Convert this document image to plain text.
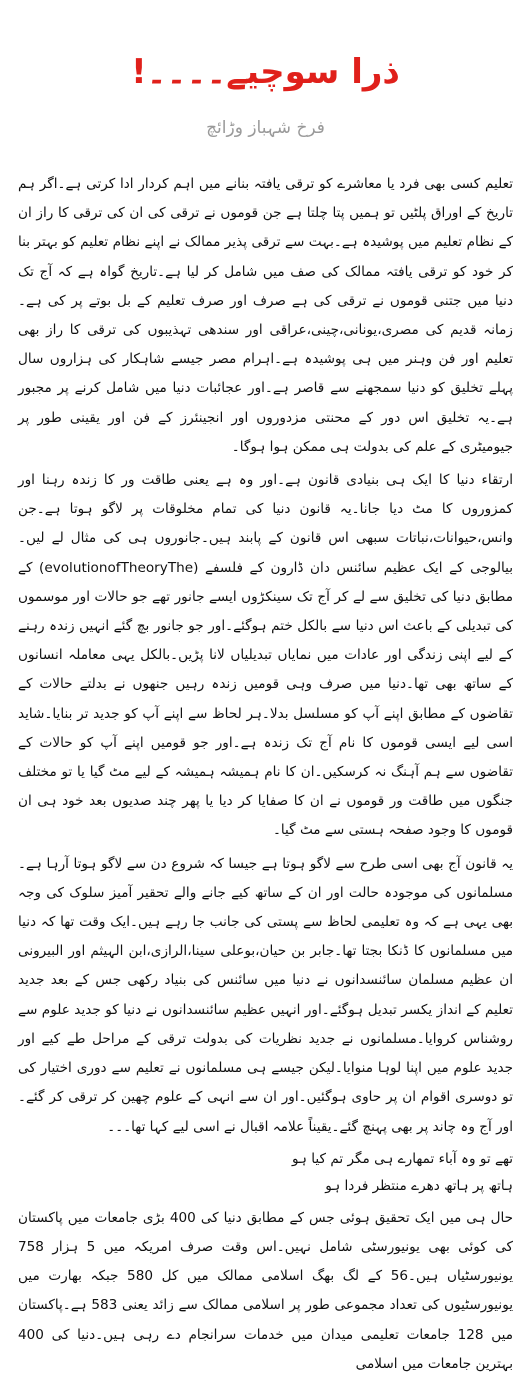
ذرا سوچیے۔۔۔۔!
فرخ شہباز وڑائچ

تعلیم کسی بھی فرد یا معاشرے کو ترقی یافتہ بنانے میں اہم کردار ادا کرتی ہے۔اگر ہم تاریخ کے اوراق پلٹیں تو ہمیں پتا چلتا ہے جن قوموں نے ترقی کی ان کی ترقی کا راز ان کے نظام تعلیم میں پوشیدہ ہے۔بہت سے ترقی پذیر ممالک نے اپنے نظام تعلیم کو بہتر بنا کر خود کو ترقی یافتہ ممالک کی صف میں شامل کر لیا ہے۔تاریخ گواہ ہے کہ آج تک دنیا میں جتنی قوموں نے ترقی کی ہے صرف اور صرف تعلیم کے بل بوتے پر کی ہے۔زمانہ قدیم کی مصری،یونانی،چینی،عراقی اور سندھی تہذیبوں کی ترقی کا راز بھی تعلیم اور فن وہنر میں ہی پوشیدہ ہے۔اہرام مصر جیسے شاہکار کی ہزاروں سال پہلے تخلیق کو دنیا سمجھنے سے قاصر ہے۔اور عجائبات دنیا میں شامل کرنے پر مجبور ہے۔یہ تخلیق اس دور کے محنتی مزدوروں اور انجینئرز کے فن اور یقینی طور پر جیومیٹری کے علم کی بدولت ہی ممکن ہوا ہوگا۔

ارتقاء دنیا کا ایک ہی بنیادی قانون ہے۔اور وہ ہے یعنی طاقت ور کا زندہ رہنا اور کمزوروں کا مٹ دیا جانا۔یہ قانون دنیا کی تمام مخلوقات پر لاگو ہوتا ہے۔جن وانس،حیوانات،نباتات سبھی اس قانون کے پابند ہیں۔جانوروں ہی کی مثال لے لیں۔بیالوجی کے ایک عظیم سائنس دان ڈارون کے فلسفے (evolutionofTheoryThe) کے مطابق دنیا کی تخلیق سے لے کر آج تک سینکڑوں ایسے جانور تھے جو حالات اور موسموں کی تبدیلی کے باعث اس دنیا سے بالکل ختم ہوگئے۔اور جو جانور بچ گئے انہیں زندہ رہنے کے لیے اپنی زندگی اور عادات میں نمایاں تبدیلیاں لانا پڑیں۔بالکل یہی معاملہ انسانوں کے ساتھ بھی تھا۔دنیا میں صرف وہی قومیں زندہ رہیں جنھوں نے بدلتے حالات کے تقاضوں کے مطابق اپنے آپ کو مسلسل بدلا۔ہر لحاظ سے اپنے آپ کو جدید تر بنایا۔شاید اسی لیے ایسی قوموں کا نام آج تک زندہ ہے۔اور جو قومیں اپنے آپ کو حالات کے تقاضوں سے ہم آہنگ نہ کرسکیں۔ان کا نام ہمیشہ ہمیشہ کے لیے مٹ گیا یا تو مختلف جنگوں میں طاقت ور قوموں نے ان کا صفایا کر دیا یا پھر چند صدیوں بعد خود ہی ان قوموں کا وجود صفحہ ہستی سے مٹ گیا۔

یہ قانون آج بھی اسی طرح سے لاگو ہوتا ہے جیسا کہ شروع دن سے لاگو ہوتا آرہا ہے۔مسلمانوں کی موجودہ حالت اور ان کے ساتھ کیے جانے والے تحقیر آمیز سلوک کی وجہ بھی یہی ہے کہ وہ تعلیمی لحاظ سے پستی کی جانب جا رہے ہیں۔ایک وقت تھا کہ دنیا میں مسلمانوں کا ڈنکا بجتا تھا۔جابر بن حیان،بوعلی سینا،الرازی،ابن الہیثم اور البیرونی ان عظیم مسلمان سائنسدانوں نے دنیا میں سائنس کی بنیاد رکھی جس کے بعد جدید تعلیم کے انداز یکسر تبدیل ہوگئے۔اور انہیں عظیم سائنسدانوں نے دنیا کو جدید علوم سے روشناس کروایا۔مسلمانوں نے جدید نظریات کی بدولت ترقی کے مراحل طے کیے اور جدید علوم میں اپنا لوہا منوایا۔لیکن جیسے ہی مسلمانوں نے تعلیم سے دوری اختیار کی تو دوسری اقوام ان پر حاوی ہوگئیں۔اور ان سے انہی کے علوم چھین کر ترقی کر گئے۔اور آج وہ چاند پر بھی پہنچ گئے۔یقیناً علامہ اقبال نے اسی لیے کہا تھا۔۔۔

تھے تو وہ آباء تمھارے ہی مگر تم کیا ہو

ہاتھ پر ہاتھ دھرے منتظر فردا ہو

حال ہی میں ایک تحقیق ہوئی جس کے مطابق دنیا کی 400 بڑی جامعات میں پاکستان کی کوئی بھی یونیورسٹی شامل نہیں۔اس وقت صرف امریکہ میں 5 ہزار 758 یونیورسٹیاں ہیں۔56 کے لگ بھگ اسلامی ممالک میں کل 580 جبکہ بھارت میں یونیورسٹیوں کی تعداد مجموعی طور پر اسلامی ممالک سے زائد یعنی 583 ہے۔پاکستان میں 128 جامعات تعلیمی میدان میں خدمات سرانجام دے رہی ہیں۔دنیا کی 400 بہترین جامعات میں اسلامی
